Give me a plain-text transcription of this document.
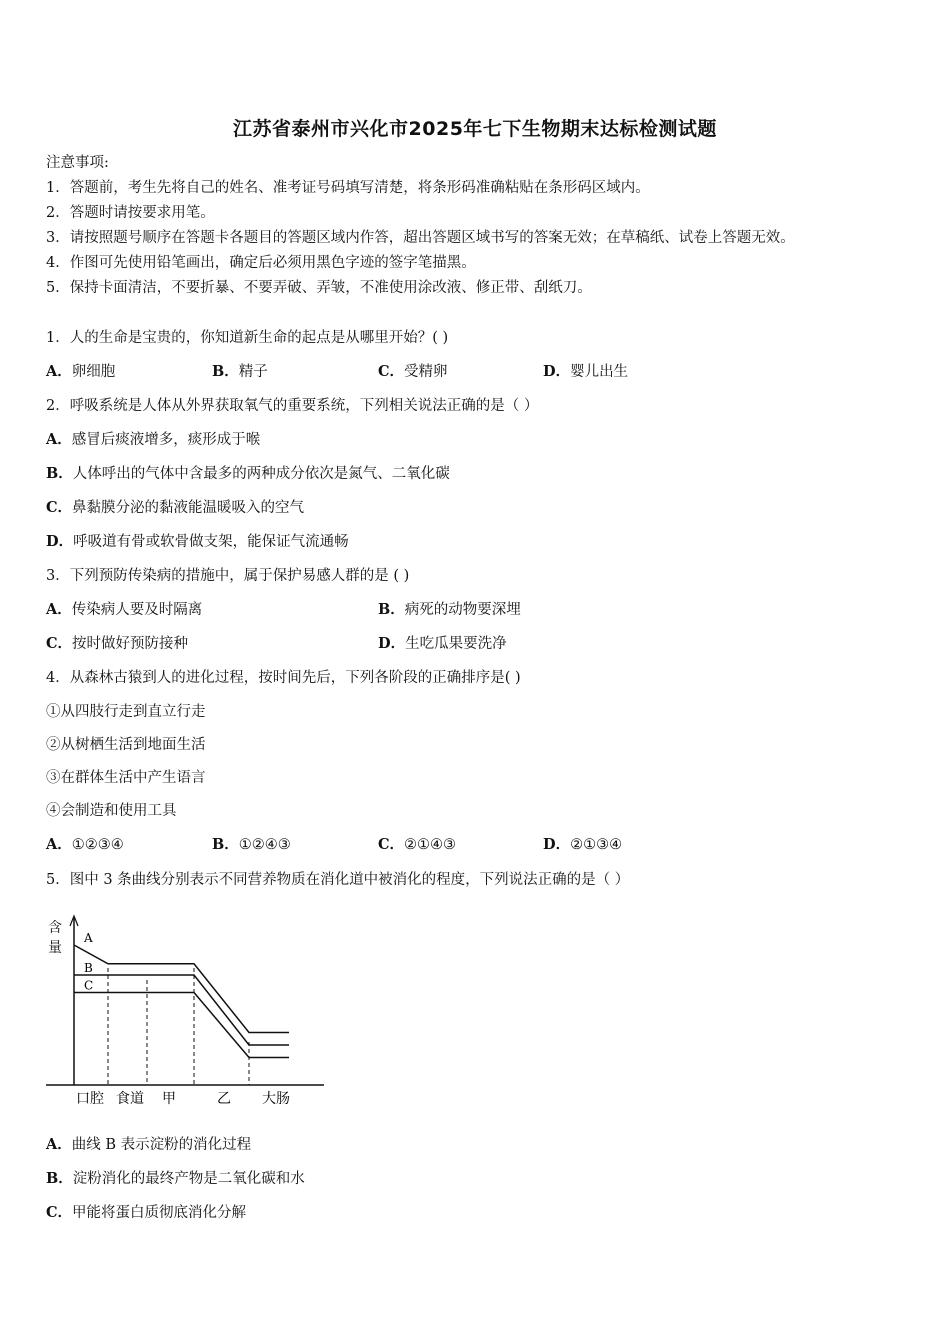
江苏省泰州市兴化市2025年七下生物期末达标检测试题
注意事项:
1．答题前，考生先将自己的姓名、准考证号码填写清楚，将条形码准确粘贴在条形码区域内。
2．答题时请按要求用笔。
3．请按照题号顺序在答题卡各题目的答题区域内作答，超出答题区域书写的答案无效；在草稿纸、试卷上答题无效。
4．作图可先使用铅笔画出，确定后必须用黑色字迹的签字笔描黑。
5．保持卡面清洁，不要折暴、不要弄破、弄皱，不准使用涂改液、修正带、刮纸刀。
1．人的生命是宝贵的，你知道新生命的起点是从哪里开始？( )
A．卵细胞	B．精子	C．受精卵	D．婴儿出生
2．呼吸系统是人体从外界获取氧气的重要系统，下列相关说法正确的是（ ）
A．感冒后痰液增多，痰形成于喉
B．人体呼出的气体中含最多的两种成分依次是氮气、二氧化碳
C．鼻黏膜分泌的黏液能温暖吸入的空气
D．呼吸道有骨或软骨做支架，能保证气流通畅
3．下列预防传染病的措施中，属于保护易感人群的是 ( )
A．传染病人要及时隔离	B．病死的动物要深埋
C．按时做好预防接种	D．生吃瓜果要洗净
4．从森林古猿到人的进化过程，按时间先后，下列各阶段的正确排序是( )
①从四肢行走到直立行走
②从树栖生活到地面生活
③在群体生活中产生语言
④会制造和使用工具
A．①②③④	B．①②④③	C．②①④③	D．②①③④
5．图中 3 条曲线分别表示不同营养物质在消化道中被消化的程度，下列说法正确的是（ ）
含
量
A
B
C
口腔 食道 甲	乙 大肠
A．曲线 B 表示淀粉的消化过程
B．淀粉消化的最终产物是二氧化碳和水
C．甲能将蛋白质彻底消化分解
